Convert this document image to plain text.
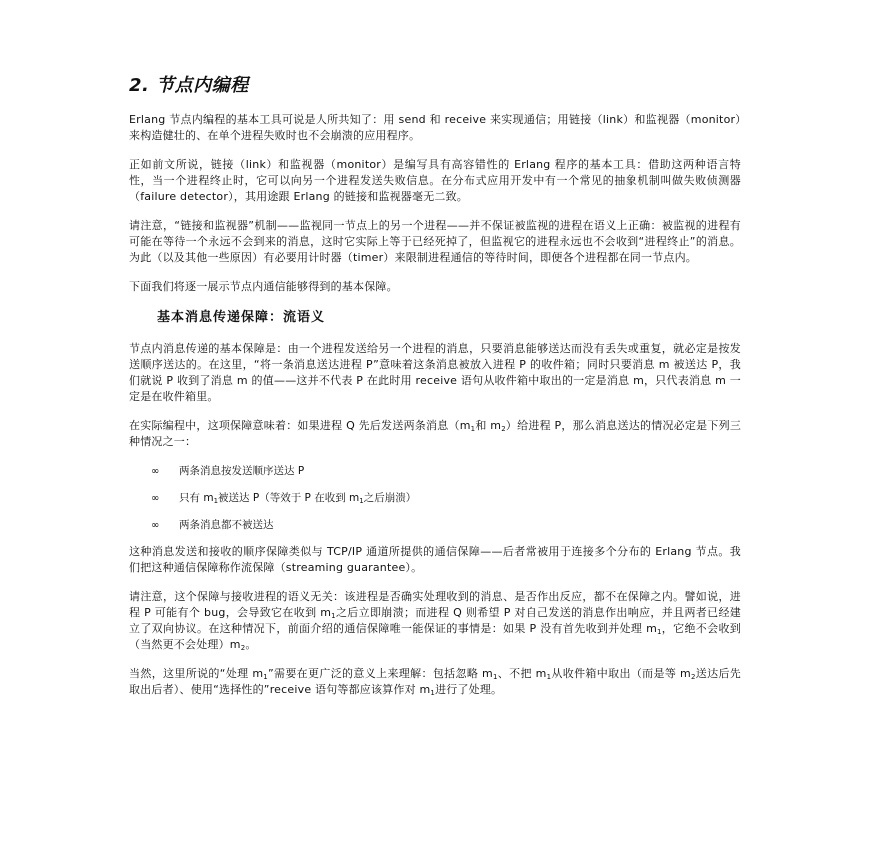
2. 节点内编程

Erlang 节点内编程的基本工具可说是人所共知了：用 send 和 receive 来实现通信；用链接（link）和监视器（monitor）来构造健壮的、在单个进程失败时也不会崩溃的应用程序。

正如前文所说，链接（link）和监视器（monitor）是编写具有高容错性的 Erlang 程序的基本工具：借助这两种语言特性，当一个进程终止时，它可以向另一个进程发送失败信息。在分布式应用开发中有一个常见的抽象机制叫做失败侦测器（failure detector），其用途跟 Erlang 的链接和监视器毫无二致。

请注意，“链接和监视器”机制——监视同一节点上的另一个进程——并不保证被监视的进程在语义上正确：被监视的进程有可能在等待一个永远不会到来的消息，这时它实际上等于已经死掉了，但监视它的进程永远也不会收到“进程终止”的消息。为此（以及其他一些原因）有必要用计时器（timer）来限制进程通信的等待时间，即便各个进程都在同一节点内。

下面我们将逐一展示节点内通信能够得到的基本保障。

基本消息传递保障：流语义

节点内消息传递的基本保障是：由一个进程发送给另一个进程的消息，只要消息能够送达而没有丢失或重复，就必定是按发送顺序送达的。在这里，“将一条消息送达进程 P”意味着这条消息被放入进程 P 的收件箱；同时只要消息 m 被送达 P，我们就说 P 收到了消息 m 的值——这并不代表 P 在此时用 receive 语句从收件箱中取出的一定是消息 m，只代表消息 m 一定是在收件箱里。

在实际编程中，这项保障意味着：如果进程 Q 先后发送两条消息（$m_1$和 $m_2$）给进程 P，那么消息送达的情况必定是下列三种情况之一：

∞	两条消息按发送顺序送达 P
∞	只有 $m_1$被送达 P（等效于 P 在收到 $m_1$之后崩溃）
∞	两条消息都不被送达

这种消息发送和接收的顺序保障类似与 TCP/IP 通道所提供的通信保障——后者常被用于连接多个分布的 Erlang 节点。我们把这种通信保障称作流保障（streaming guarantee）。

请注意，这个保障与接收进程的语义无关：该进程是否确实处理收到的消息、是否作出反应，都不在保障之内。譬如说，进程 P 可能有个 bug，会导致它在收到 $m_1$之后立即崩溃；而进程 Q 则希望 P 对自己发送的消息作出响应，并且两者已经建立了双向协议。在这种情况下，前面介绍的通信保障唯一能保证的事情是：如果 P 没有首先收到并处理 $m_1$，它绝不会收到（当然更不会处理）$m_2$。

当然，这里所说的“处理 $m_1$”需要在更广泛的意义上来理解：包括忽略 $m_1$、不把 $m_1$从收件箱中取出（而是等 $m_2$送达后先取出后者）、使用“选择性的”receive 语句等都应该算作对 $m_1$进行了处理。
